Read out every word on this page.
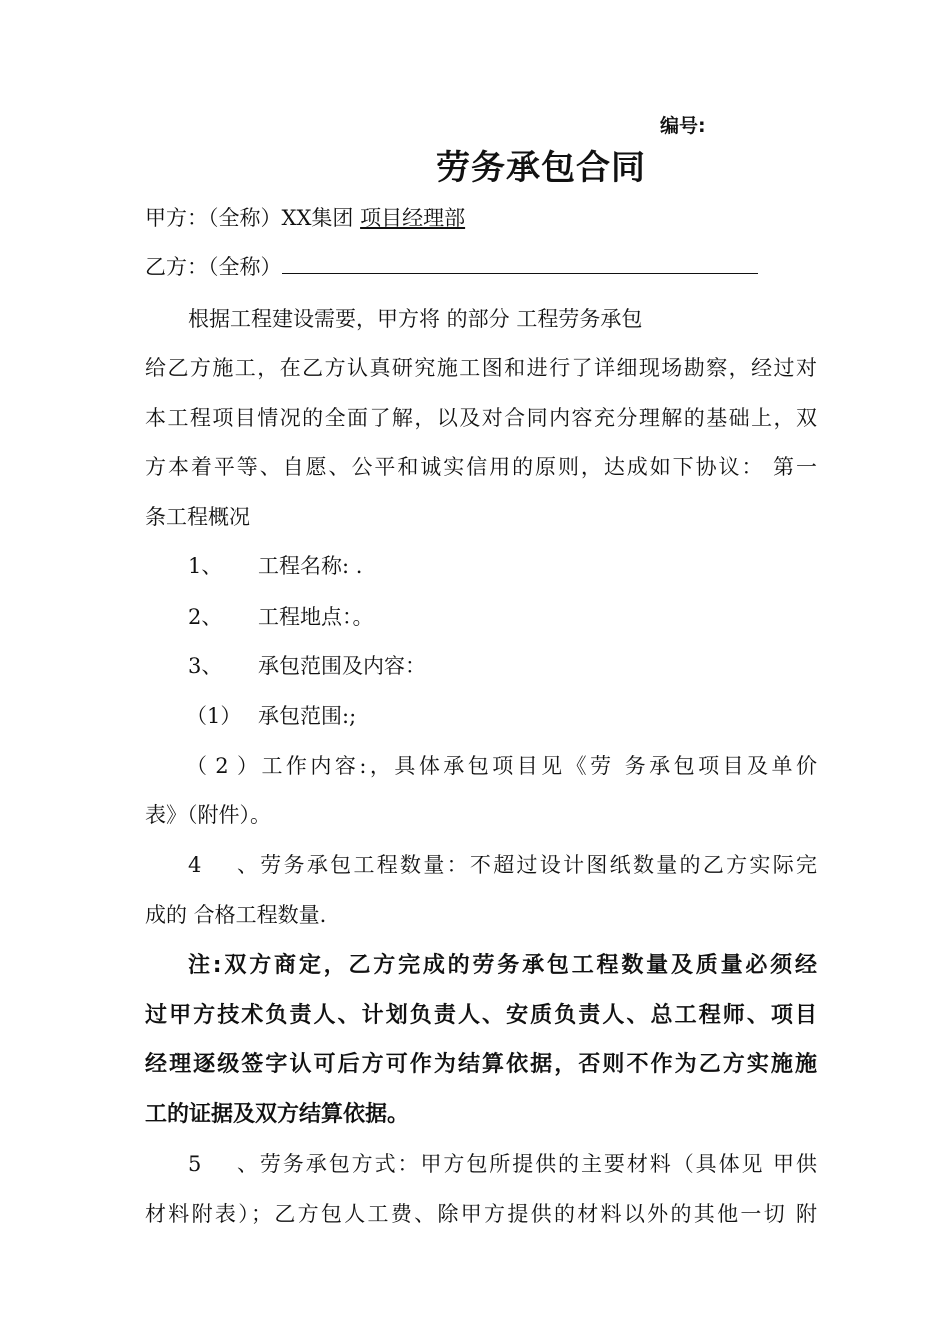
编号:
劳务承包合同
甲方：（全称）XX集团 项目经理部
乙方：（全称）
根据工程建设需要，甲方将 的部分 工程劳务承包
给乙方施工，在乙方认真研究施工图和进行了详细现场勘察，经过对
本工程项目情况的全面了解，以及对合同内容充分理解的基础上，双
方本着平等、自愿、公平和诚实信用的原则，达成如下协议： 第一
条工程概况
1、 工程名称: .
2、 工程地点：。
3、 承包范围及内容：
（1） 承包范围:;
（2）工作内容:，具体承包项目见《劳 务承包项目及单价
表》（附件）。
4、劳务承包工程数量：不超过设计图纸数量的乙方实际完
成的 合格工程数量.
注:双方商定，乙方完成的劳务承包工程数量及质量必须经
过甲方技术负责人、计划负责人、安质负责人、总工程师、项目
经理逐级签字认可后方可作为结算依据，否则不作为乙方实施施
工的证据及双方结算依据。
5、劳务承包方式：甲方包所提供的主要材料（具体见 甲供
材料附表）；乙方包人工费、除甲方提供的材料以外的其他一切 附
